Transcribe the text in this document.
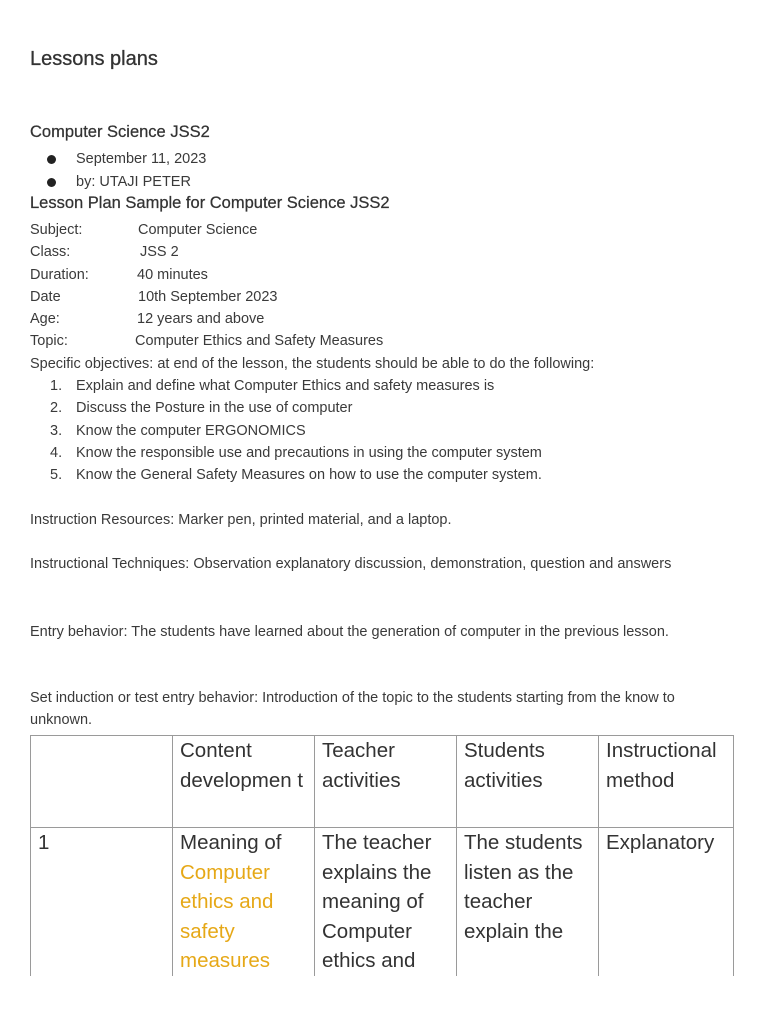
Lessons plans
Computer Science JSS2
September 11, 2023
by: UTAJI PETER
Lesson Plan Sample for Computer Science JSS2
Subject:	Computer Science
Class:	JSS 2
Duration:	40 minutes
Date	10th September 2023
Age:	12 years and above
Topic:	Computer Ethics and Safety Measures
Specific objectives: at end of the lesson, the students should be able to do the following:
1. Explain and define what Computer Ethics and safety measures is
2. Discuss the Posture in the use of computer
3. Know the computer ERGONOMICS
4. Know the responsible use and precautions in using the computer system
5. Know the General Safety Measures on how to use the computer system.

Instruction Resources: Marker pen, printed material, and a laptop.

Instructional Techniques: Observation explanatory discussion, demonstration, question and answers

Entry behavior: The students have learned about the generation of computer in the previous lesson.

Set induction or test entry behavior: Introduction of the topic to the students starting from the know to unknown.

	Content developmen t	Teacher activities	Students activities	Instructional method
1	Meaning of Computer ethics and safety measures	The teacher explains the meaning of Computer ethics and	The students listen as the teacher explain the	Explanatory
